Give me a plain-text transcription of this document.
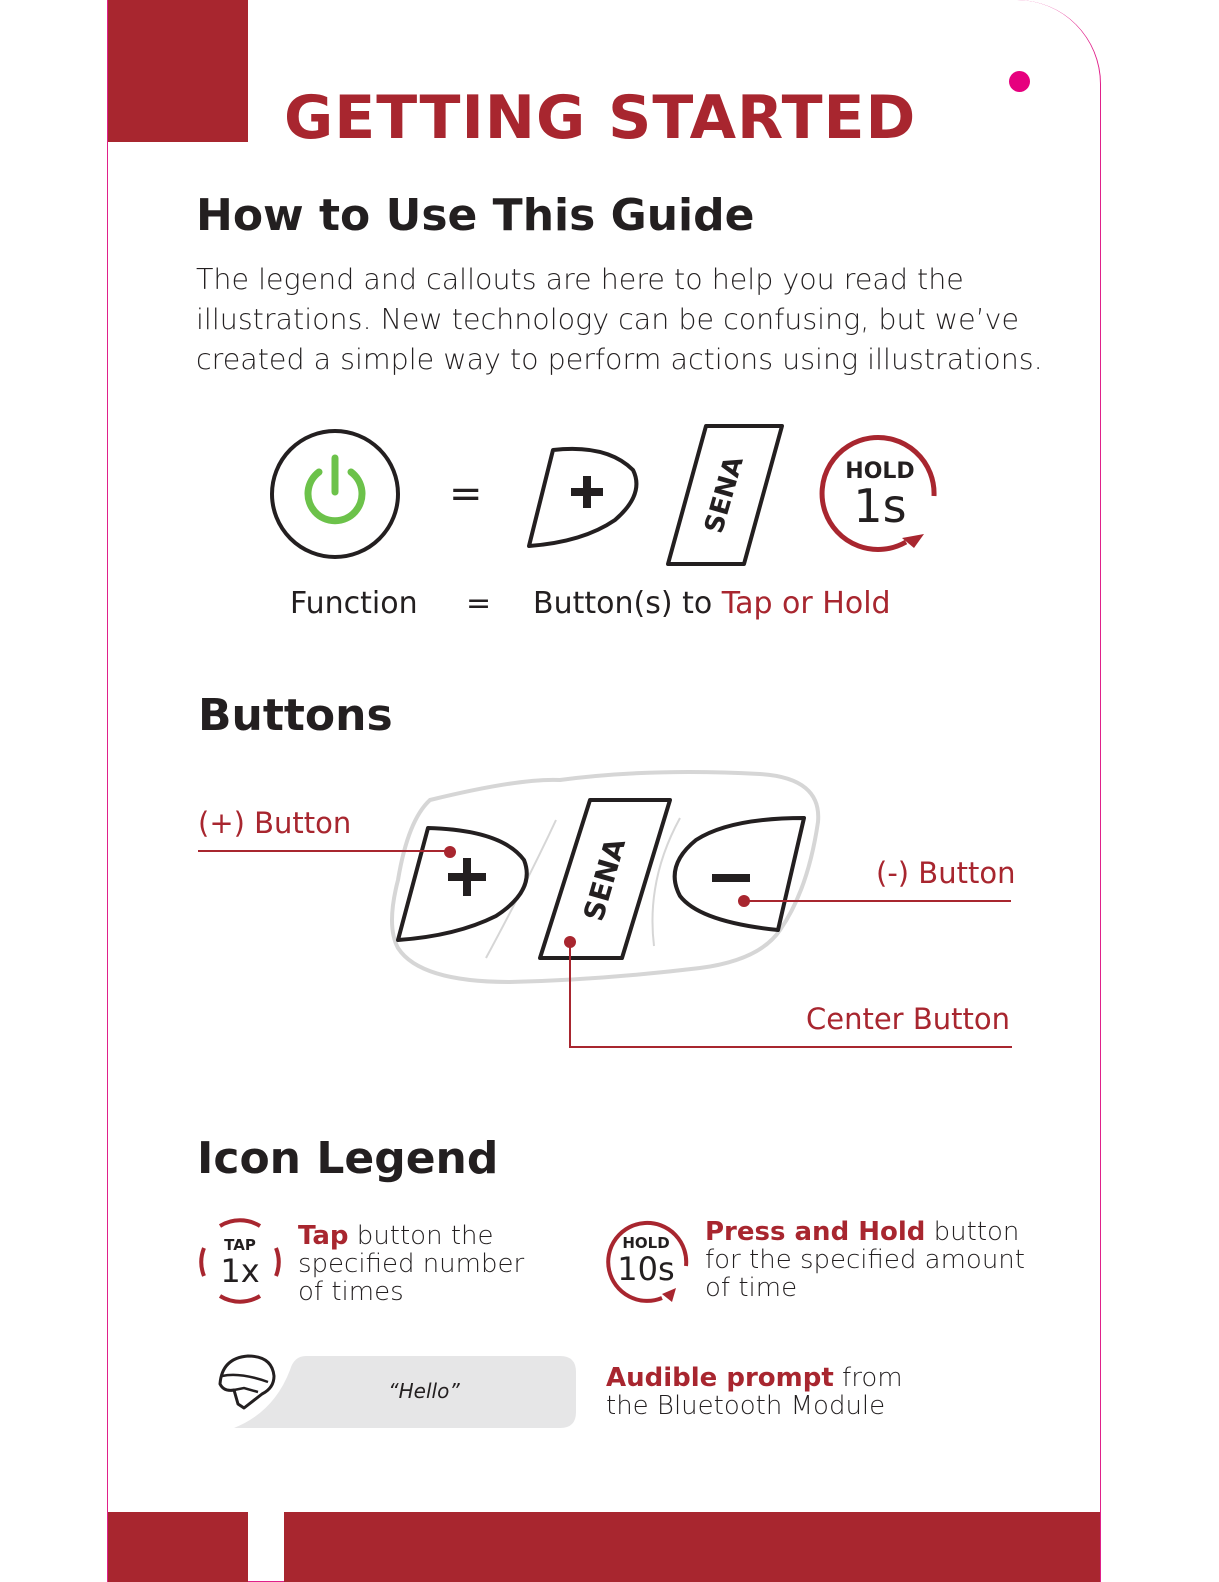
GETTING STARTED
How to Use This Guide

The legend and callouts are here to help you read the illustrations. New technology can be confusing, but we’ve created a simple way to perform actions using illustrations.

=	SENA	HOLD
1s
Function = Button(s) to Tap or Hold
Buttons
SENA
(+) Button
(-) Button
Center Button
Icon Legend
TAP
1x
Tap button the specified number of times
HOLD
10s
Press and Hold button for the specified amount of time
“Hello”	Audible prompt from the Bluetooth Module
